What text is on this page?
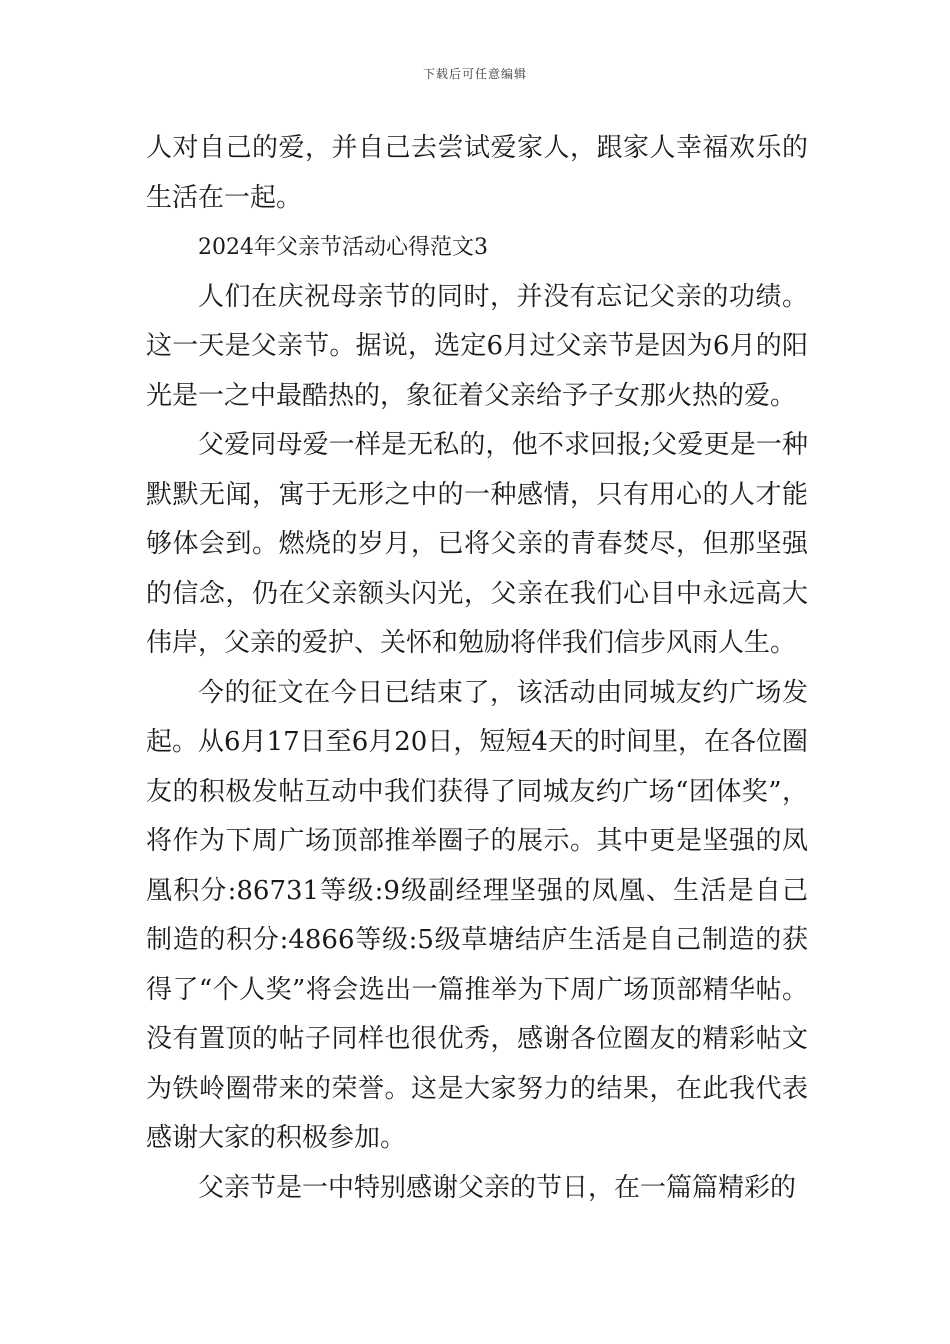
下载后可任意编辑

人对自己的爱，并自己去尝试爱家人，跟家人幸福欢乐的生活在一起。

2024年父亲节活动心得范文3

人们在庆祝母亲节的同时，并没有忘记父亲的功绩。这一天是父亲节。据说，选定6月过父亲节是因为6月的阳光是一之中最酷热的，象征着父亲给予子女那火热的爱。

父爱同母爱一样是无私的，他不求回报;父爱更是一种默默无闻，寓于无形之中的一种感情，只有用心的人才能够体会到。燃烧的岁月，已将父亲的青春焚尽，但那坚强的信念，仍在父亲额头闪光，父亲在我们心目中永远高大伟岸，父亲的爱护、关怀和勉励将伴我们信步风雨人生。

今的征文在今日已结束了，该活动由同城友约广场发起。从6月17日至6月20日，短短4天的时间里，在各位圈友的积极发帖互动中我们获得了同城友约广场“团体奖”，将作为下周广场顶部推举圈子的展示。其中更是坚强的凤凰积分:86731等级:9级副经理坚强的凤凰、生活是自己制造的积分:4866等级:5级草塘结庐生活是自己制造的获得了“个人奖”将会选出一篇推举为下周广场顶部精华帖。没有置顶的帖子同样也很优秀，感谢各位圈友的精彩帖文为铁岭圈带来的荣誉。这是大家努力的结果，在此我代表感谢大家的积极参加。

父亲节是一中特别感谢父亲的节日，在一篇篇精彩的
